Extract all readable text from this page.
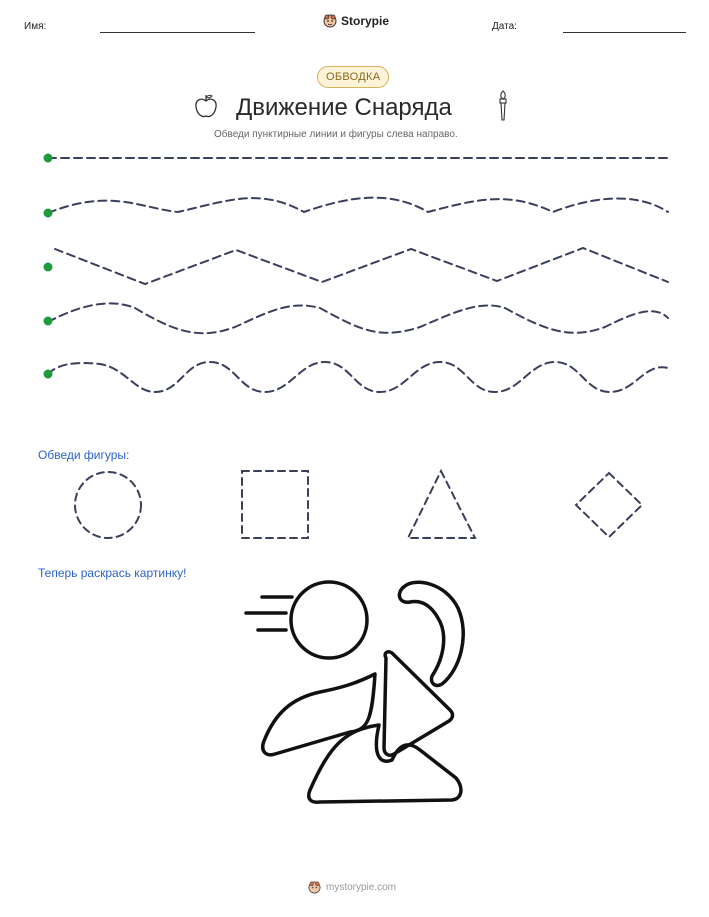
Имя:	Storypie	Дата:
ОБВОДКА
Движение Снаряда
Обведи пунктирные линии и фигуры слева направо.
Обведи фигуры:
Теперь раскрась картинку!
mystorypie.com
